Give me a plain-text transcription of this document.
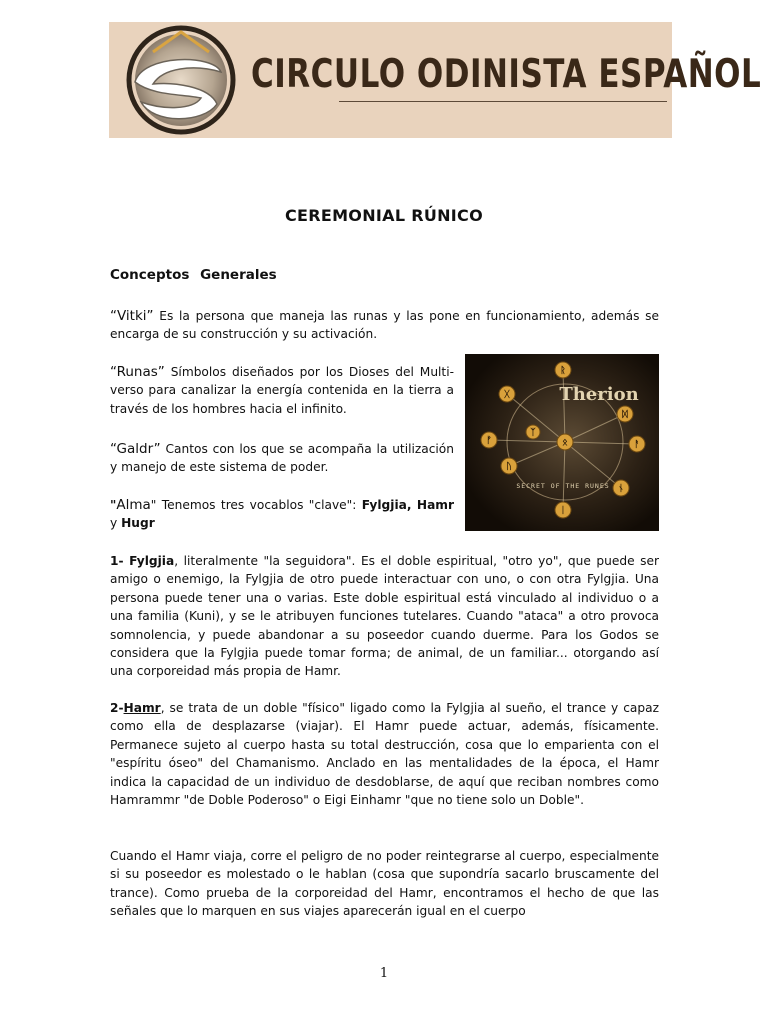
CIRCULO ODINISTA ESPAÑOL
CEREMONIAL RÚNICO
Conceptos Generales

“Vitki” Es la persona que maneja las runas y las pone en funcionamiento, además se encarga de su construcción y su activación.

“Runas” Símbolos diseñados por los Dioses del Multi-verso para canalizar la energía contenida en la tierra a través de los hombres hacia el infinito.

“Galdr” Cantos con los que se acompaña la utilización y manejo de este sistema de poder.

"Alma" Tenemos tres vocablos "clave": Fylgjia, Hamr y Hugr

ᚱ
ᚷ
ᛞ
ᚠ	ᛟ	ᚨ
ᚢ
ᚾ
ᛁ
ᛉ
Therion
SECRET OF THE RUNES

1- Fylgjia, literalmente "la seguidora". Es el doble espiritual, "otro yo", que puede ser amigo o enemigo, la Fylgjia de otro puede interactuar con uno, o con otra Fylgjia. Una persona puede tener una o varias. Este doble espiritual está vinculado al individuo o a una familia (Kuni), y se le atribuyen funciones tutelares. Cuando "ataca" a otro provoca somnolencia, y puede abandonar a su poseedor cuando duerme. Para los Godos se considera que la Fylgjia puede tomar forma; de animal, de un familiar... otorgando así una corporeidad más propia de Hamr.

2-Hamr, se trata de un doble "físico" ligado como la Fylgjia al sueño, el trance y capaz como ella de desplazarse (viajar). El Hamr puede actuar, además, físicamente. Permanece sujeto al cuerpo hasta su total destrucción, cosa que lo emparienta con el "espíritu óseo" del Chamanismo. Anclado en las mentalidades de la época, el Hamr indica la capacidad de un individuo de desdoblarse, de aquí que reciban nombres como Hamrammr "de Doble Poderoso" o Eigi Einhamr "que no tiene solo un Doble".

Cuando el Hamr viaja, corre el peligro de no poder reintegrarse al cuerpo, especialmente si su poseedor es molestado o le hablan (cosa que supondría sacarlo bruscamente del trance). Como prueba de la corporeidad del Hamr, encontramos el hecho de que las señales que lo marquen en sus viajes aparecerán igual en el cuerpo

1
